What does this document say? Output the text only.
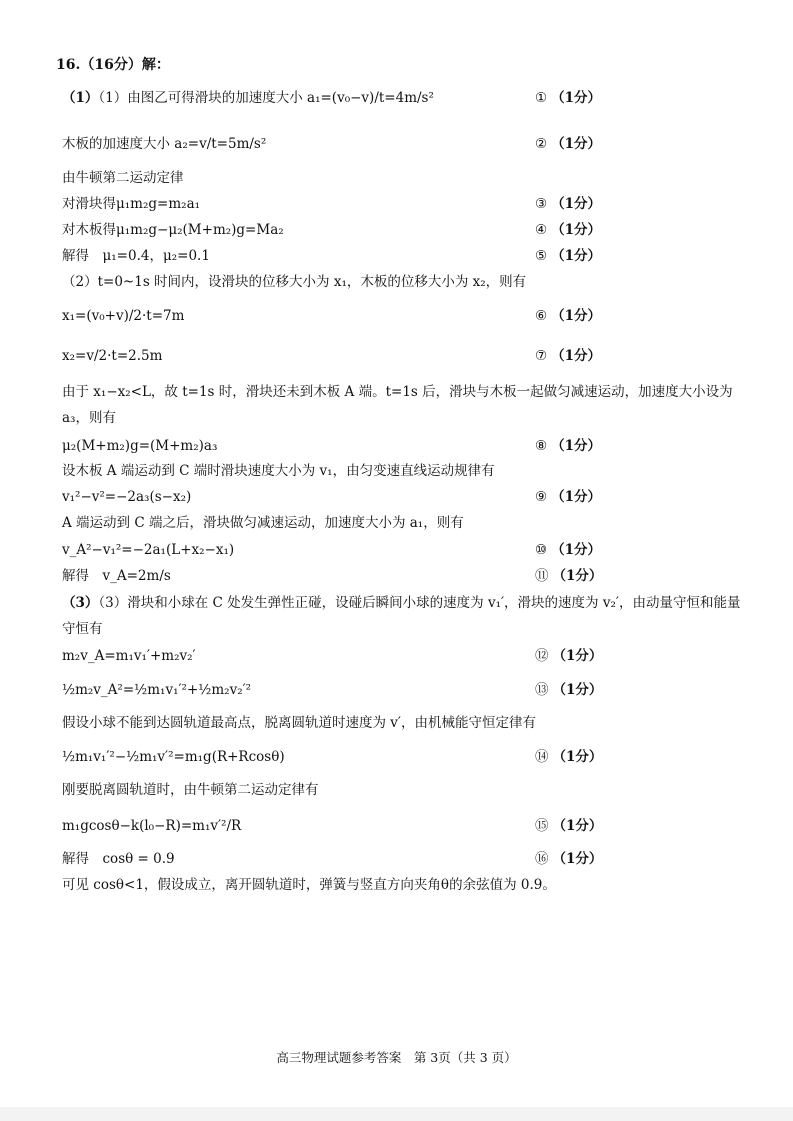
16.（16分）解：
（1）（1）由图乙可得滑块的加速度大小 a₁=(v₀−v)/t=4m/s²	① （1分）
木板的加速度大小 a₂=v/t=5m/s²	② （1分）
由牛顿第二运动定律
对滑块得μ₁m₂g=m₂a₁	③ （1分）
对木板得μ₁m₂g−μ₂(M+m₂)g=Ma₂	④ （1分）
解得　μ₁=0.4，μ₂=0.1	⑤ （1分）
（2）t=0~1s 时间内，设滑块的位移大小为 x₁，木板的位移大小为 x₂，则有
x₁=(v₀+v)/2·t=7m	⑥ （1分）
x₂=v/2·t=2.5m	⑦ （1分）
由于 x₁−x₂<L，故 t=1s 时，滑块还未到木板 A 端。t=1s 后，滑块与木板一起做匀减速运动，加速度大小设为
a₃，则有
μ₂(M+m₂)g=(M+m₂)a₃	⑧ （1分）
设木板 A 端运动到 C 端时滑块速度大小为 v₁，由匀变速直线运动规律有
v₁²−v²=−2a₃(s−x₂)	⑨ （1分）
A 端运动到 C 端之后，滑块做匀减速运动，加速度大小为 a₁，则有
v_A²−v₁²=−2a₁(L+x₂−x₁)	⑩ （1分）
解得　v_A=2m/s	⑪ （1分）
（3）（3）滑块和小球在 C 处发生弹性正碰，设碰后瞬间小球的速度为 v₁′，滑块的速度为 v₂′，由动量守恒和能量
守恒有
m₂v_A=m₁v₁′+m₂v₂′	⑫ （1分）
½m₂v_A²=½m₁v₁′²+½m₂v₂′²	⑬ （1分）
假设小球不能到达圆轨道最高点，脱离圆轨道时速度为 v′，由机械能守恒定律有
½m₁v₁′²−½m₁v′²=m₁g(R+Rcosθ)	⑭ （1分）
刚要脱离圆轨道时，由牛顿第二运动定律有
m₁gcosθ−k(l₀−R)=m₁v′²/R	⑮ （1分）
解得　cosθ = 0.9	⑯ （1分）
可见 cosθ<1，假设成立，离开圆轨道时，弹簧与竖直方向夹角θ的余弦值为 0.9。
高三物理试题参考答案　第 3页（共 3 页）
